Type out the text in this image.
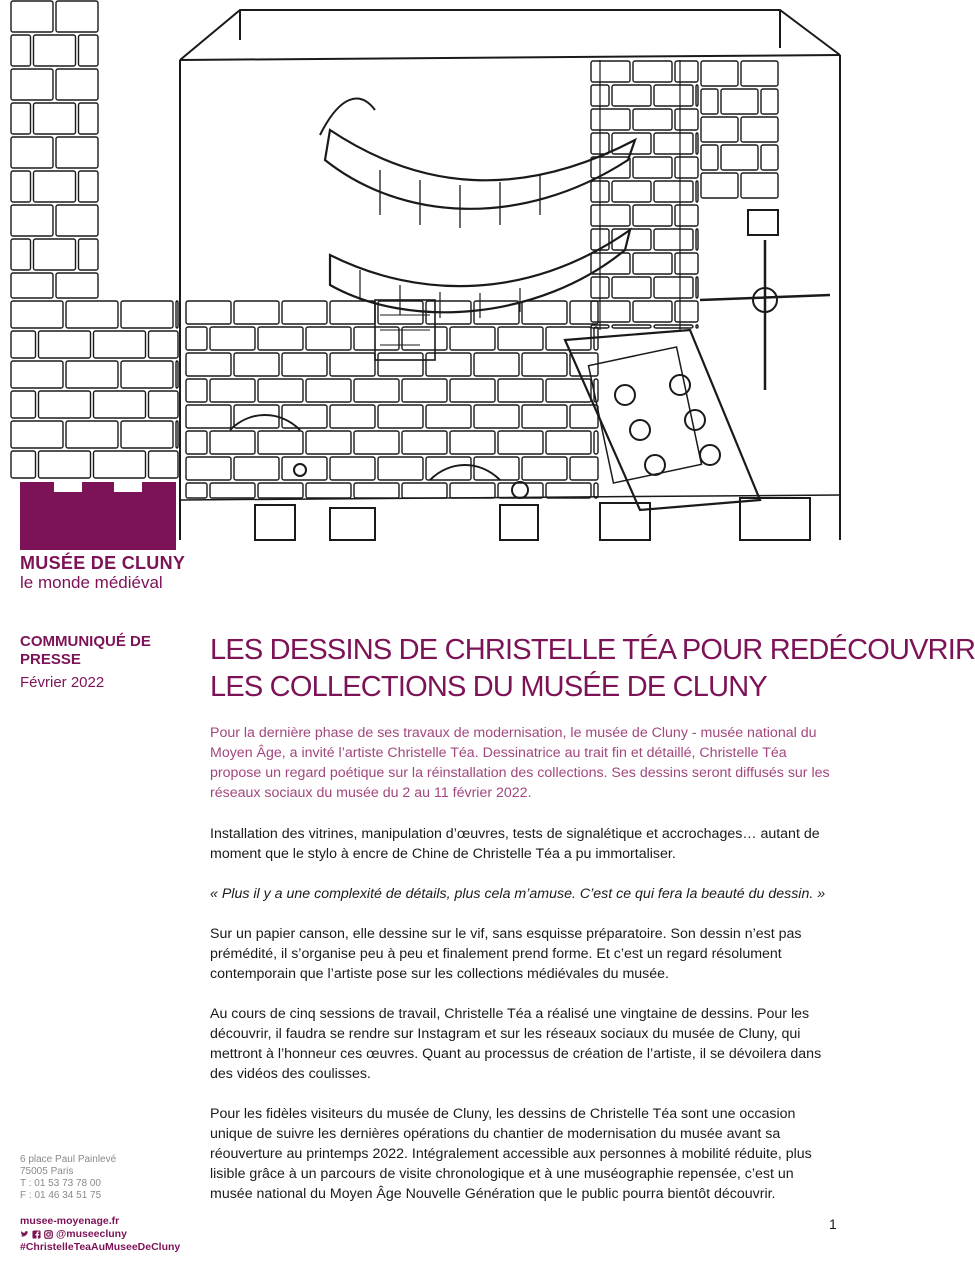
MUSÉE DE CLUNY
le monde médiéval
COMMUNIQUÉ DE PRESSE
Février 2022
LES DESSINS DE CHRISTELLE TÉA POUR REDÉCOUVRIR
LES COLLECTIONS DU MUSÉE DE CLUNY

Pour la dernière phase de ses travaux de modernisation, le musée de Cluny - musée national du Moyen Âge, a invité l’artiste Christelle Téa. Dessinatrice au trait fin et détaillé, Christelle Téa propose un regard poétique sur la réinstallation des collections. Ses dessins seront diffusés sur les réseaux sociaux du musée du 2 au 11 février 2022.

Installation des vitrines, manipulation d’œuvres, tests de signalétique et accrochages… autant de moment que le stylo à encre de Chine de Christelle Téa a pu immortaliser.

« Plus il y a une complexité de détails, plus cela m’amuse. C’est ce qui fera la beauté du dessin. »

Sur un papier canson, elle dessine sur le vif, sans esquisse préparatoire. Son dessin n’est pas prémédité, il s’organise peu à peu et finalement prend forme. Et c’est un regard résolument contemporain que l’artiste pose sur les collections médiévales du musée.

Au cours de cinq sessions de travail, Christelle Téa a réalisé une vingtaine de dessins. Pour les découvrir, il faudra se rendre sur Instagram et sur les réseaux sociaux du musée de Cluny, qui mettront à l’honneur ces œuvres. Quant au processus de création de l’artiste, il se dévoilera dans des vidéos des coulisses.

Pour les fidèles visiteurs du musée de Cluny, les dessins de Christelle Téa sont une occasion unique de suivre les dernières opérations du chantier de modernisation du musée avant sa réouverture au printemps 2022. Intégralement accessible aux personnes à mobilité réduite, plus lisible grâce à un parcours de visite chronologique et à une muséographie repensée, c’est un musée national du Moyen Âge Nouvelle Génération que le public pourra bientôt découvrir.

6 place Paul Painlevé
75005 Paris
T : 01 53 73 78 00
F : 01 46 34 51 75
musee-moyenage.fr
@museecluny
#ChristelleTeaAuMuseeDeCluny
1
